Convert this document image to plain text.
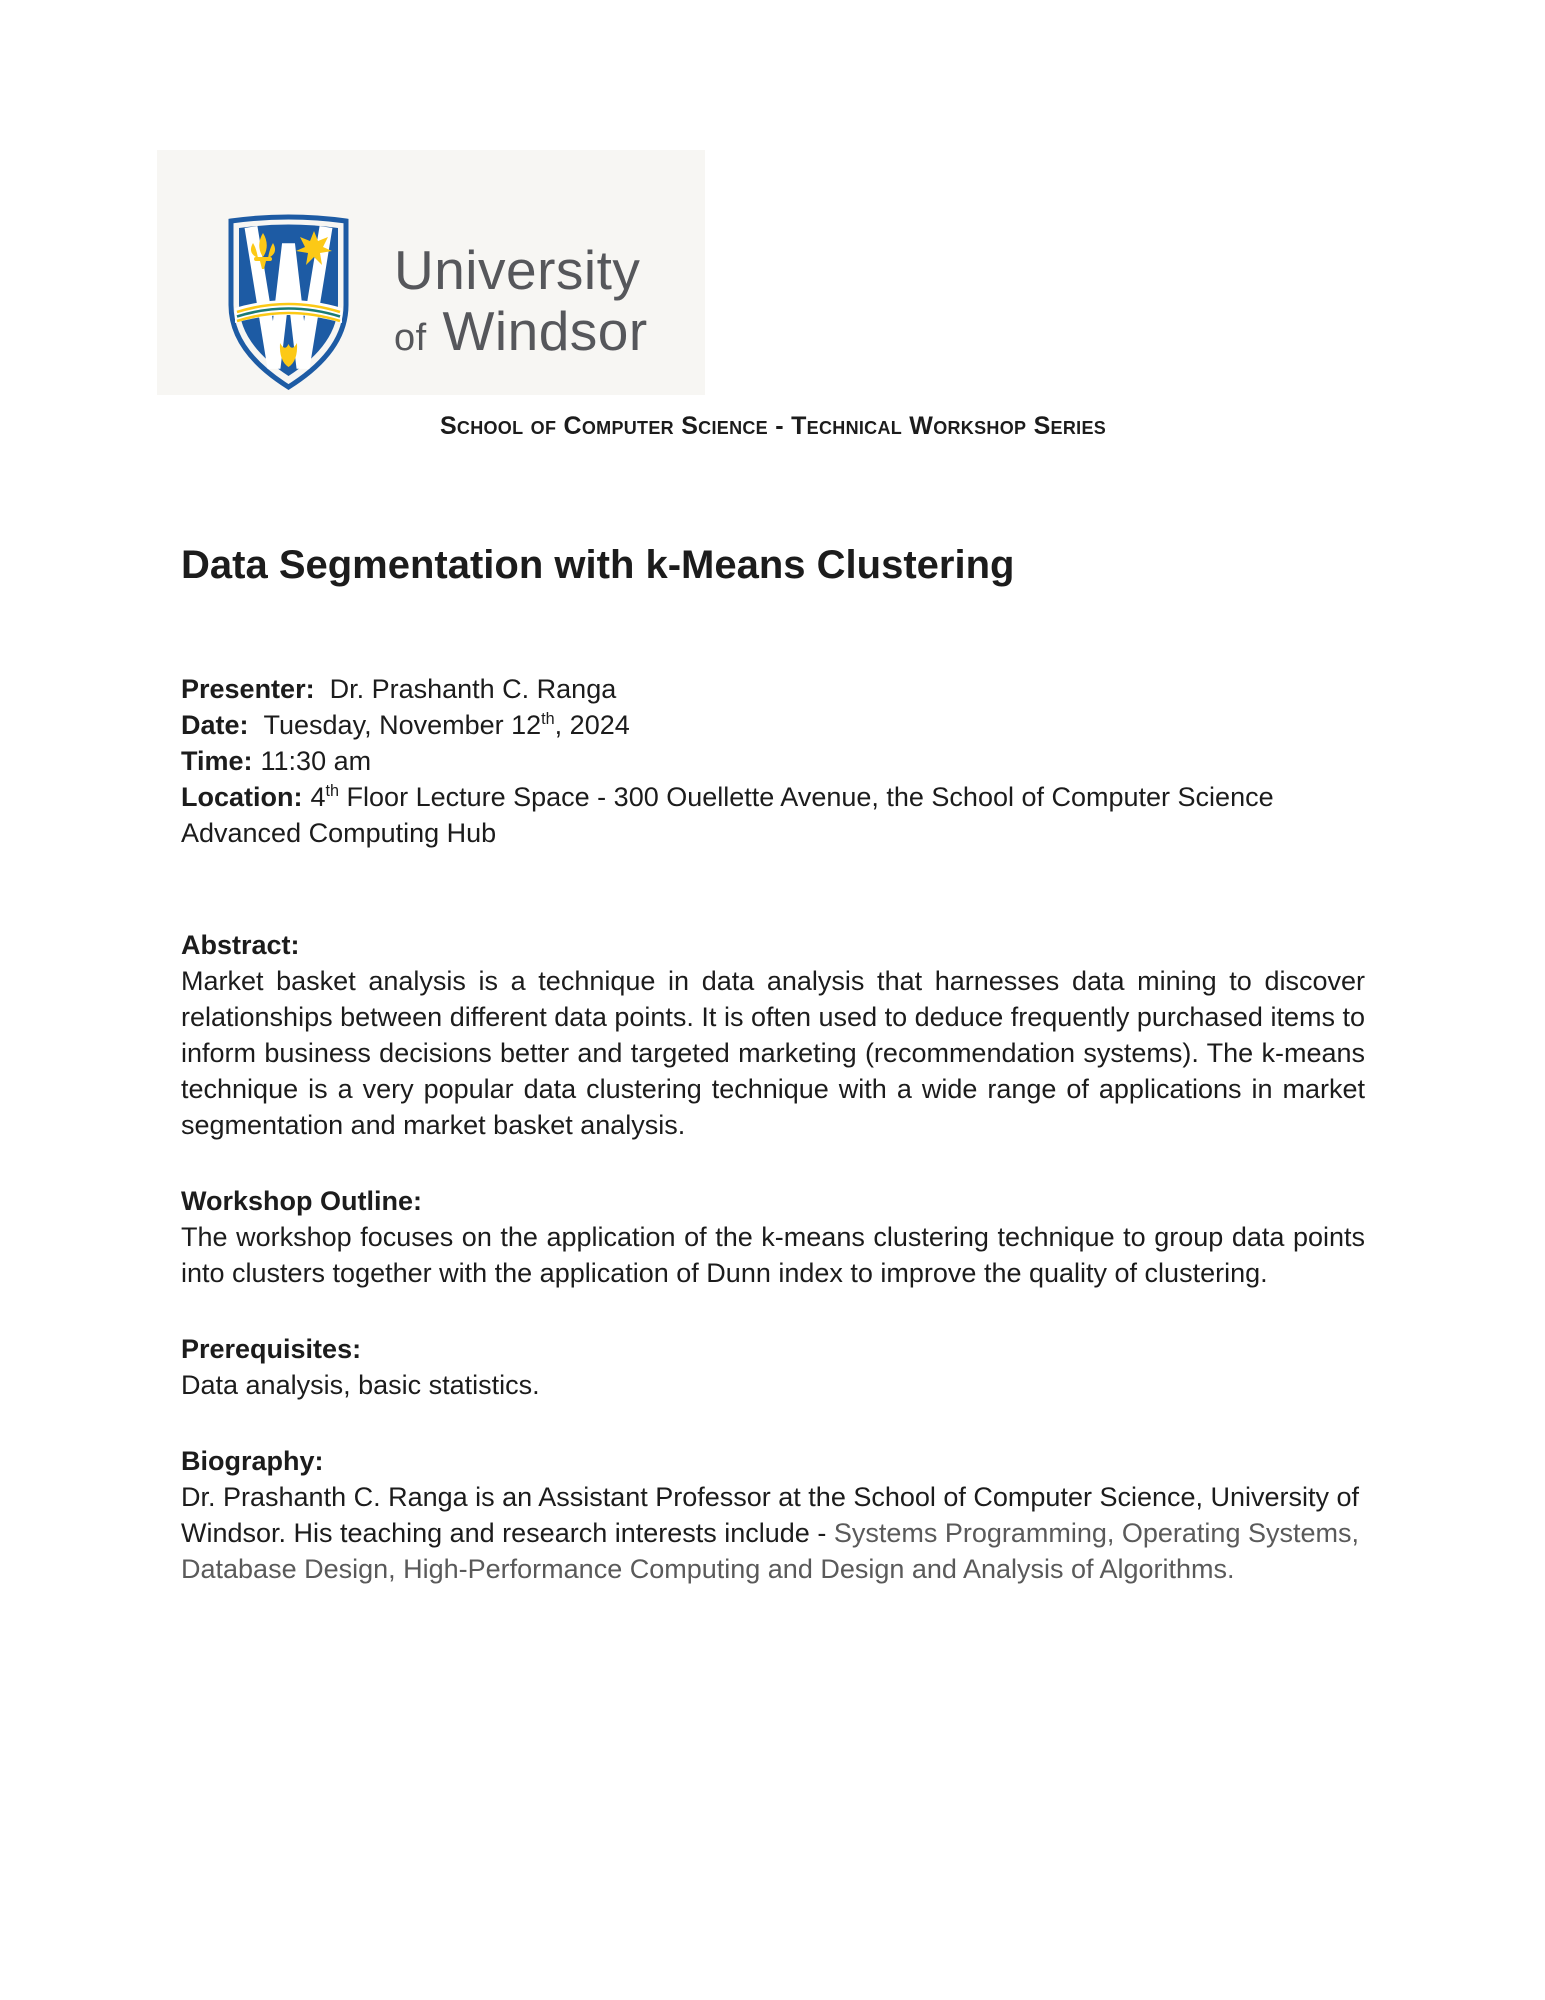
University
of Windsor
School of Computer Science - Technical Workshop Series
Data Segmentation with k-Means Clustering
Presenter: Dr. Prashanth C. Ranga
Date: Tuesday, November 12th, 2024
Time: 11:30 am
Location: 4th Floor Lecture Space - 300 Ouellette Avenue, the School of Computer Science Advanced Computing Hub
Abstract:

Market basket analysis is a technique in data analysis that harnesses data mining to discover relationships between different data points. It is often used to deduce frequently purchased items to inform business decisions better and targeted marketing (recommendation systems). The k-means technique is a very popular data clustering technique with a wide range of applications in market segmentation and market basket analysis.

Workshop Outline:

The workshop focuses on the application of the k-means clustering technique to group data points into clusters together with the application of Dunn index to improve the quality of clustering.

Prerequisites:

Data analysis, basic statistics.

Biography:

Dr. Prashanth C. Ranga is an Assistant Professor at the School of Computer Science, University of Windsor. His teaching and research interests include - Systems Programming, Operating Systems, Database Design, High-Performance Computing and Design and Analysis of Algorithms.
